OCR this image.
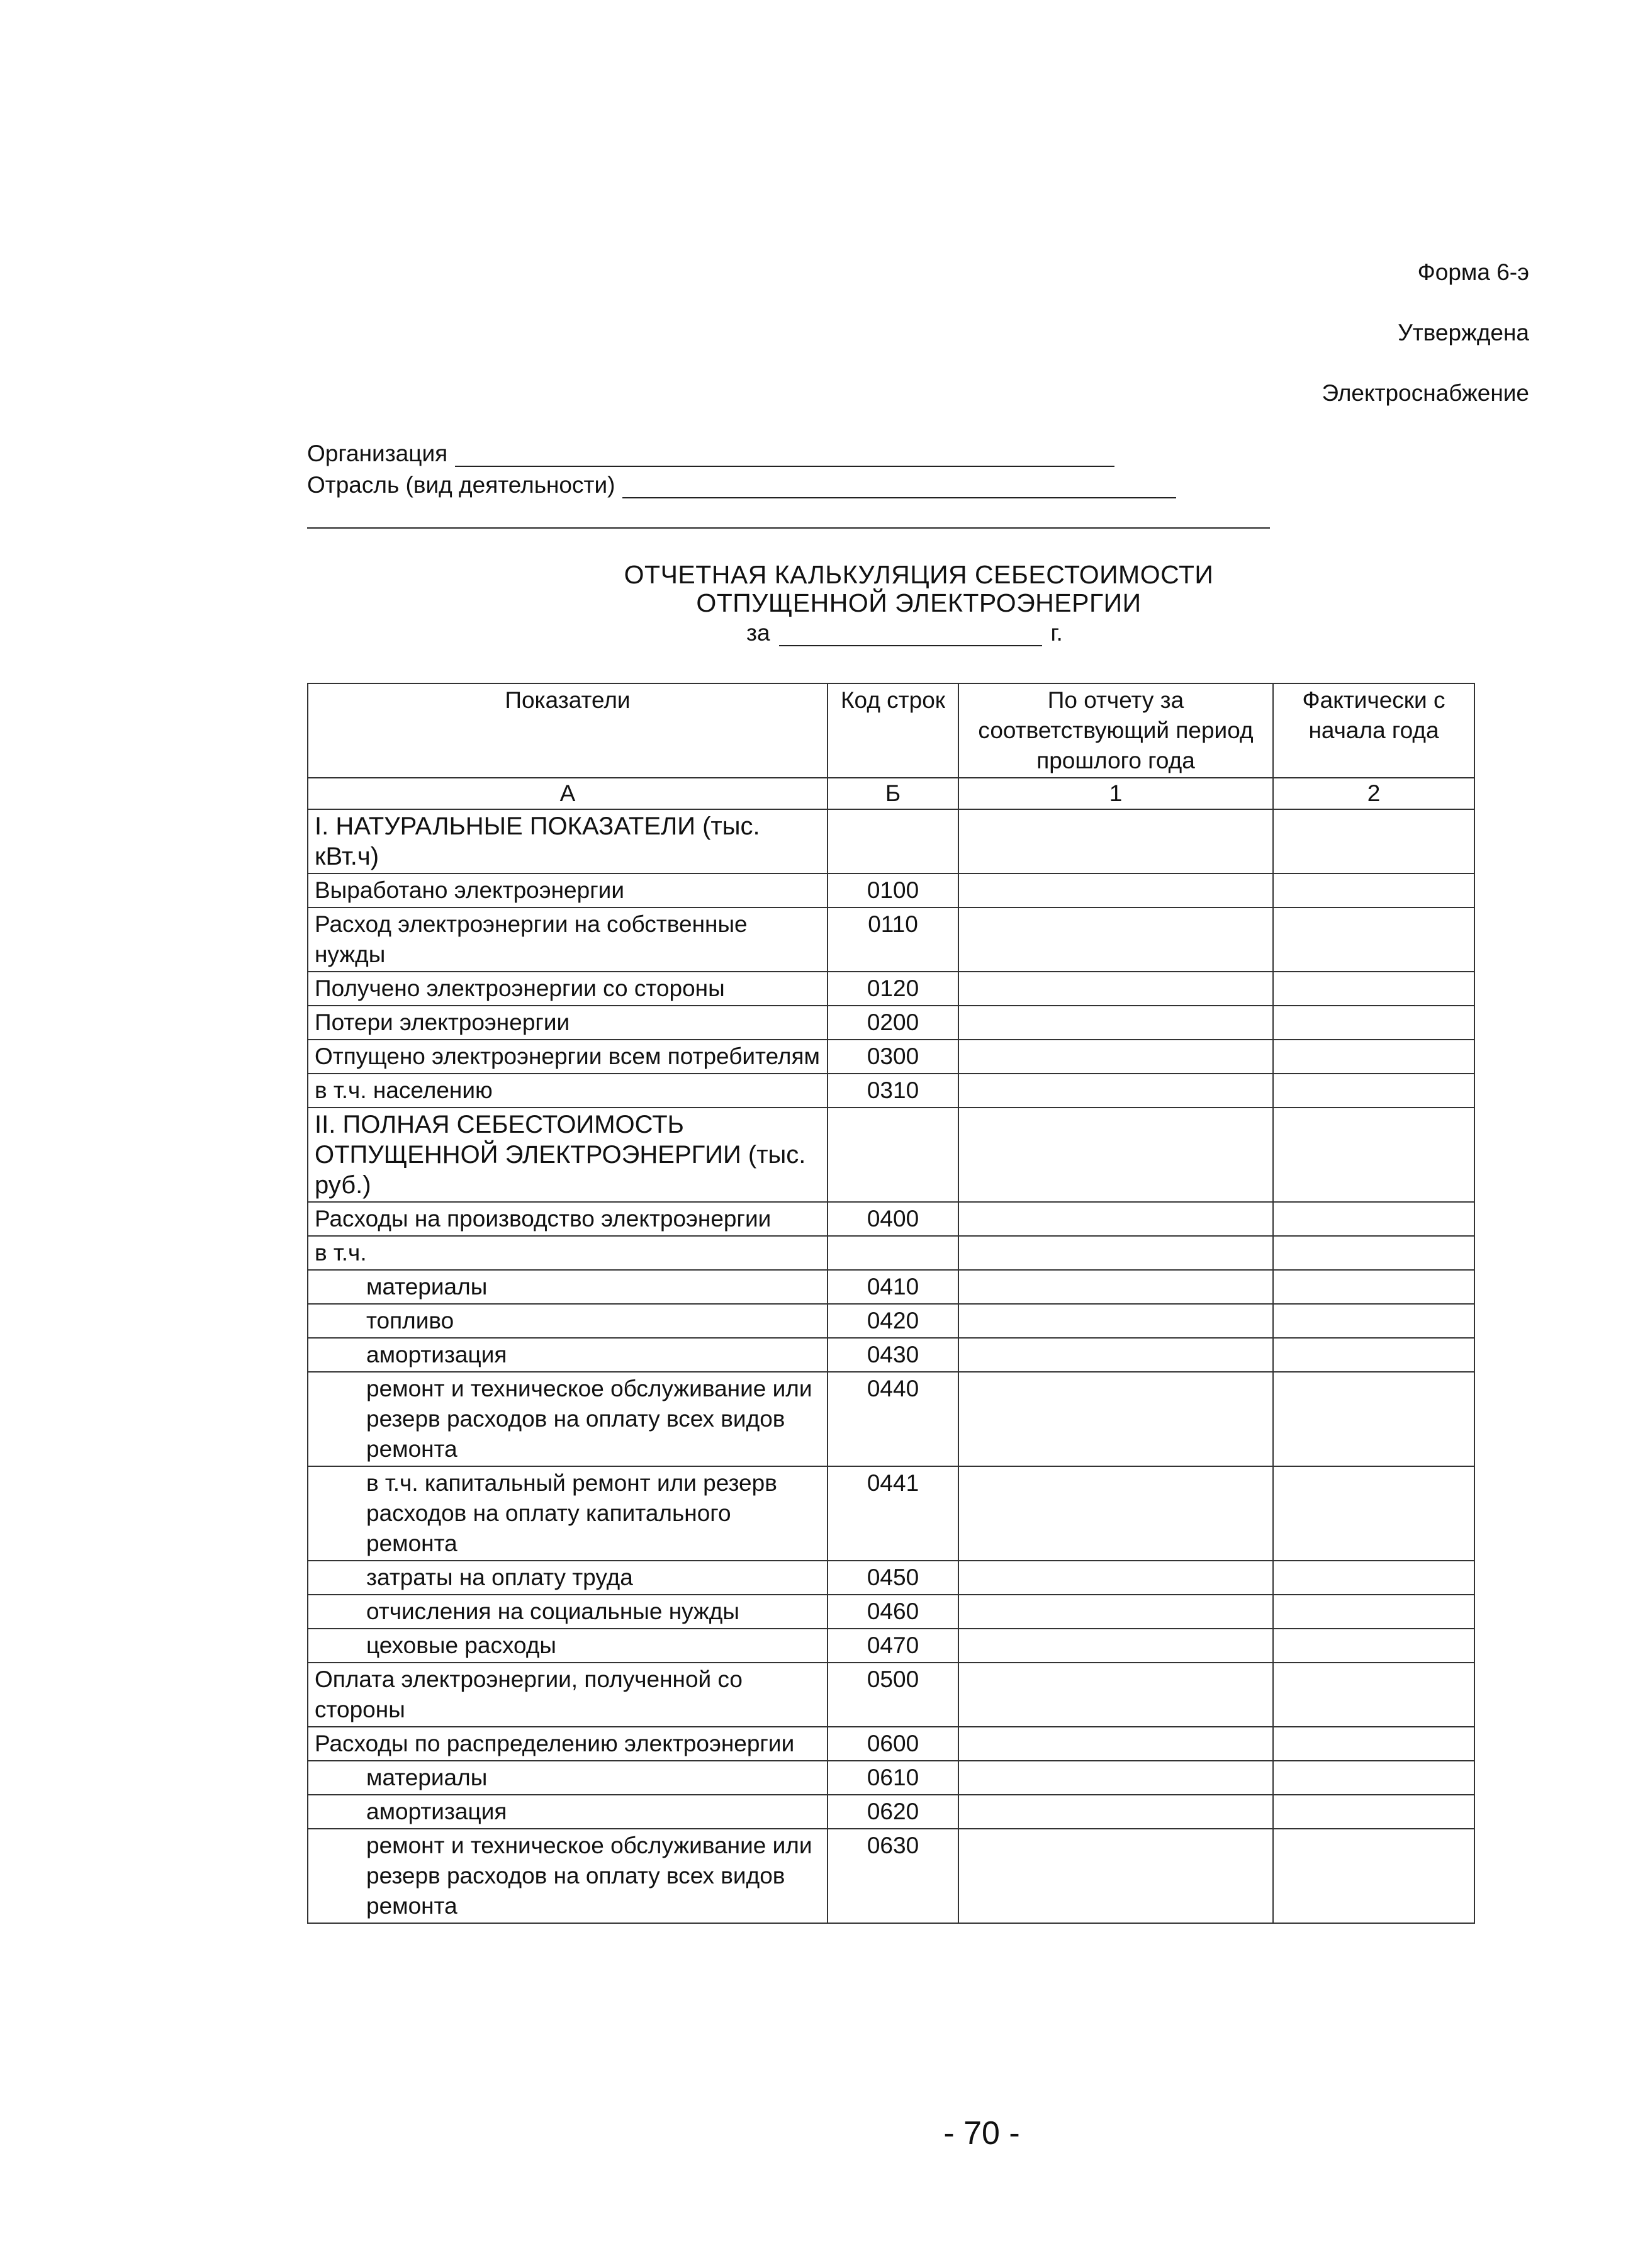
Форма 6-э
Утверждена
Электроснабжение
Организация
Отрасль (вид деятельности)
ОТЧЕТНАЯ КАЛЬКУЛЯЦИЯ СЕБЕСТОИМОСТИ
ОТПУЩЕННОЙ ЭЛЕКТРОЭНЕРГИИ
за	г.
Показатели	Код строк	По отчету за соответствующий период прошлого года	Фактически с начала года
А	Б	1	2
I. НАТУРАЛЬНЫЕ ПОКАЗАТЕЛИ (тыс. кВт.ч)			
Выработано электроэнергии	0100		
Расход электроэнергии на собственные нужды	0110		
Получено электроэнергии со стороны	0120		
Потери электроэнергии	0200		
Отпущено электроэнергии всем потребителям	0300		
в т.ч. населению	0310		
II. ПОЛНАЯ СЕБЕСТОИМОСТЬ ОТПУЩЕННОЙ ЭЛЕКТРОЭНЕРГИИ (тыс. руб.)			
Расходы на производство электроэнергии	0400		
в т.ч.			
материалы	0410		
топливо	0420		
амортизация	0430		
ремонт и техническое обслуживание или резерв расходов на оплату всех видов ремонта	0440		
в т.ч. капитальный ремонт или резерв расходов на оплату капитального ремонта	0441		
затраты на оплату труда	0450		
отчисления на социальные нужды	0460		
цеховые расходы	0470		
Оплата электроэнергии, полученной со стороны	0500		
Расходы по распределению электроэнергии	0600		
материалы	0610		
амортизация	0620		
ремонт и техническое обслуживание или резерв расходов на оплату всех видов ремонта	0630		
- 70 -
